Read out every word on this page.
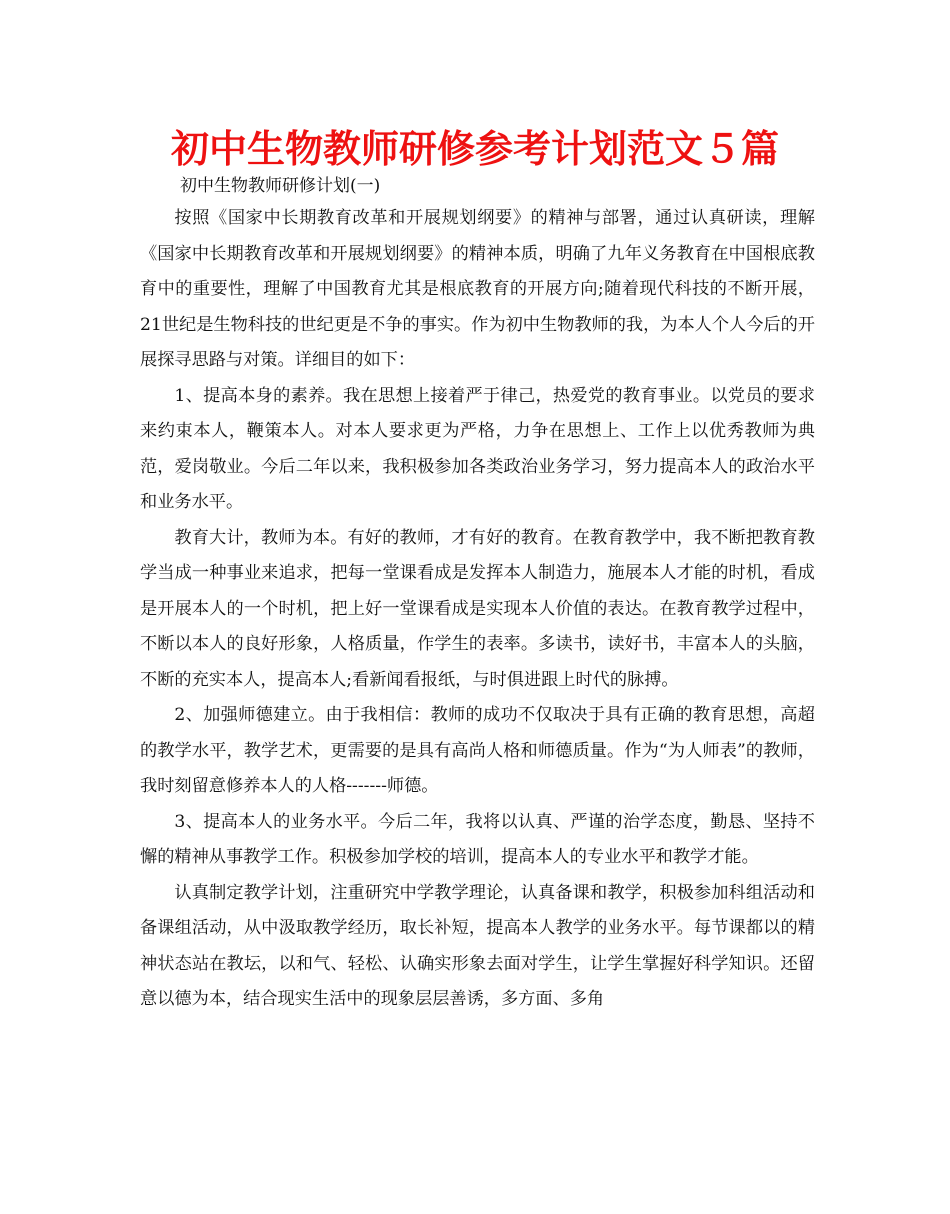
初中生物教师研修参考计划范文５篇
初中生物教师研修计划(一)

按照《国家中长期教育改革和开展规划纲要》的精神与部署，通过认真研读，理解《国家中长期教育改革和开展规划纲要》的精神本质，明确了九年义务教育在中国根底教育中的重要性，理解了中国教育尤其是根底教育的开展方向;随着现代科技的不断开展，21世纪是生物科技的世纪更是不争的事实。作为初中生物教师的我，为本人个人今后的开展探寻思路与对策。详细目的如下：

1、提高本身的素养。我在思想上接着严于律己，热爱党的教育事业。以党员的要求来约束本人，鞭策本人。对本人要求更为严格，力争在思想上、工作上以优秀教师为典范，爱岗敬业。今后二年以来，我积极参加各类政治业务学习，努力提高本人的政治水平和业务水平。

教育大计，教师为本。有好的教师，才有好的教育。在教育教学中，我不断把教育教学当成一种事业来追求，把每一堂课看成是发挥本人制造力，施展本人才能的时机，看成是开展本人的一个时机，把上好一堂课看成是实现本人价值的表达。在教育教学过程中，不断以本人的良好形象，人格质量，作学生的表率。多读书，读好书，丰富本人的头脑，不断的充实本人，提高本人;看新闻看报纸，与时俱进跟上时代的脉搏。

2、加强师德建立。由于我相信：教师的成功不仅取决于具有正确的教育思想，高超的教学水平，教学艺术，更需要的是具有高尚人格和师德质量。作为“为人师表”的教师，我时刻留意修养本人的人格-------师德。

3、提高本人的业务水平。今后二年，我将以认真、严谨的治学态度，勤恳、坚持不懈的精神从事教学工作。积极参加学校的培训，提高本人的专业水平和教学才能。

认真制定教学计划，注重研究中学教学理论，认真备课和教学，积极参加科组活动和备课组活动，从中汲取教学经历，取长补短，提高本人教学的业务水平。每节课都以的精神状态站在教坛，以和气、轻松、认确实形象去面对学生，让学生掌握好科学知识。还留意以德为本，结合现实生活中的现象层层善诱，多方面、多角
